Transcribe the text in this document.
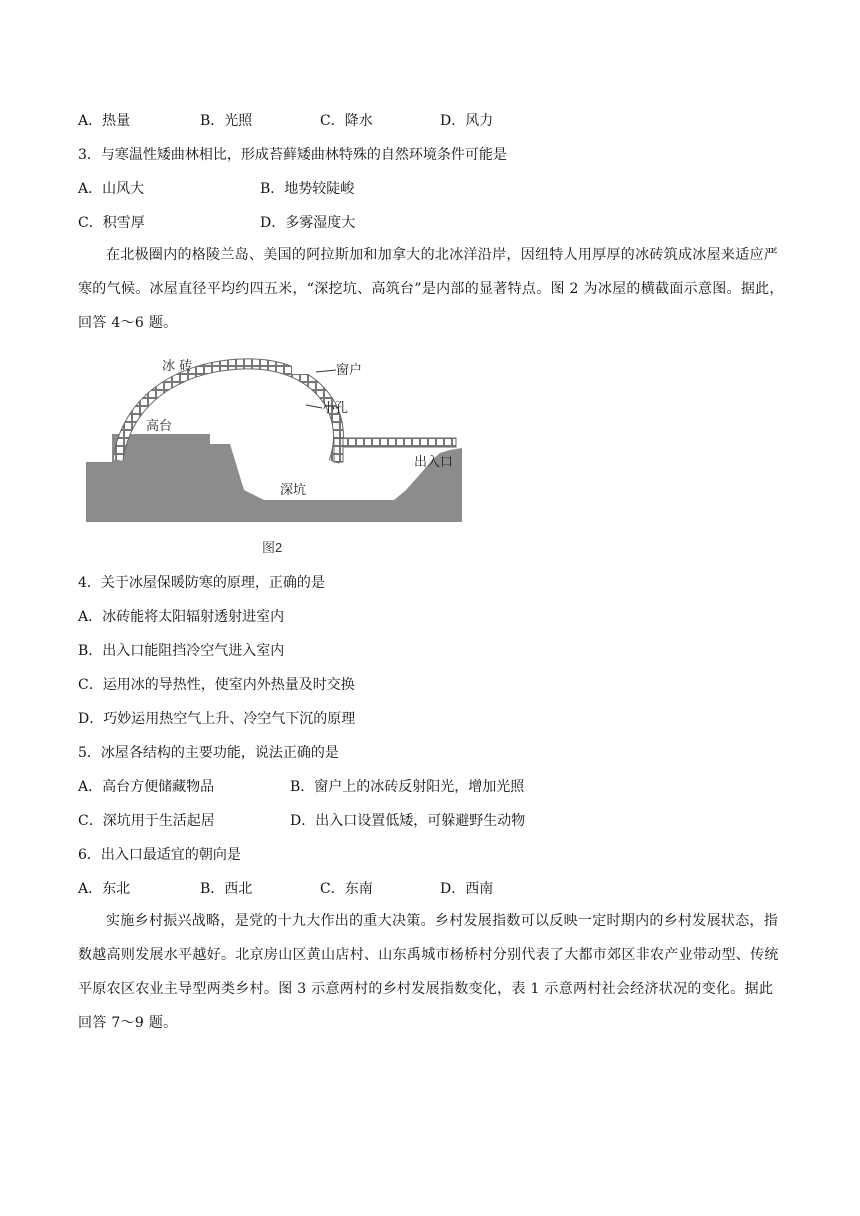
A．热量	B．光照	C．降水	D．风力
3．与寒温性矮曲林相比，形成苔藓矮曲林特殊的自然环境条件可能是
A．山风大	B．地势较陡峻
C．积雪厚	D．多雾湿度大
在北极圈内的格陵兰岛、美国的阿拉斯加和加拿大的北冰洋沿岸，因纽特人用厚厚的冰砖筑成冰屋来适应严寒的气候。冰屋直径平均约四五米，“深挖坑、高筑台”是内部的显著特点。图 2 为冰屋的横截面示意图。据此，回答 4～6 题。
冰 砖	窗户
小孔
高台
出入口
深坑
图2
4．关于冰屋保暖防寒的原理，正确的是
A．冰砖能将太阳辐射透射进室内
B．出入口能阻挡冷空气进入室内
C．运用冰的导热性，使室内外热量及时交换
D．巧妙运用热空气上升、冷空气下沉的原理
5．冰屋各结构的主要功能，说法正确的是
A．高台方便储藏物品	B．窗户上的冰砖反射阳光，增加光照
C．深坑用于生活起居	D．出入口设置低矮，可躲避野生动物
6．出入口最适宜的朝向是
A．东北	B．西北	C．东南	D．西南
实施乡村振兴战略，是党的十九大作出的重大决策。乡村发展指数可以反映一定时期内的乡村发展状态，指数越高则发展水平越好。北京房山区黄山店村、山东禹城市杨桥村分别代表了大都市郊区非农产业带动型、传统平原农区农业主导型两类乡村。图 3 示意两村的乡村发展指数变化，表 1 示意两村社会经济状况的变化。据此回答 7～9 题。
